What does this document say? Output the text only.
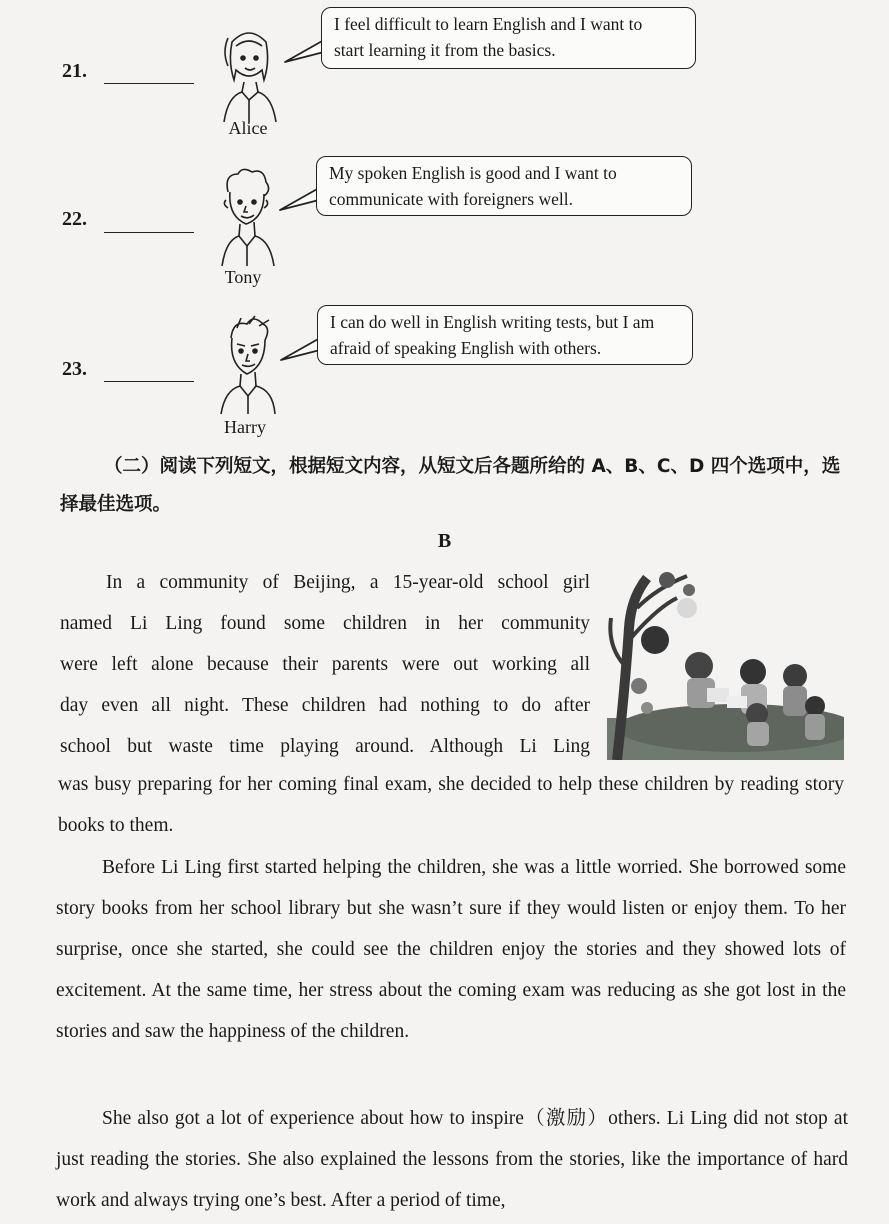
21.
Alice
I feel difficult to learn English and I want to
start learning it from the basics.
22.
Tony
My spoken English is good and I want to
communicate with foreigners well.
23.
Harry
I can do well in English writing tests, but I am
afraid of speaking English with others.
（二）阅读下列短文，根据短文内容，从短文后各题所给的 A、B、C、D 四个选项中，选择最佳选项。
B
In a community of Beijing, a 15-year-old school girl
named Li Ling found some children in her community
were left alone because their parents were out working all
day even all night. These children had nothing to do after
school but waste time playing around. Although Li Ling
was busy preparing for her coming final exam, she decided to help these children by reading story books to them.
Before Li Ling first started helping the children, she was a little worried. She borrowed some story books from her school library but she wasn’t sure if they would listen or enjoy them. To her surprise, once she started, she could see the children enjoy the stories and they showed lots of excitement. At the same time, her stress about the coming exam was reducing as she got lost in the stories and saw the happiness of the children.
She also got a lot of experience about how to inspire（激励）others. Li Ling did not stop at just reading the stories. She also explained the lessons from the stories, like the importance of hard work and always trying one’s best. After a period of time,
